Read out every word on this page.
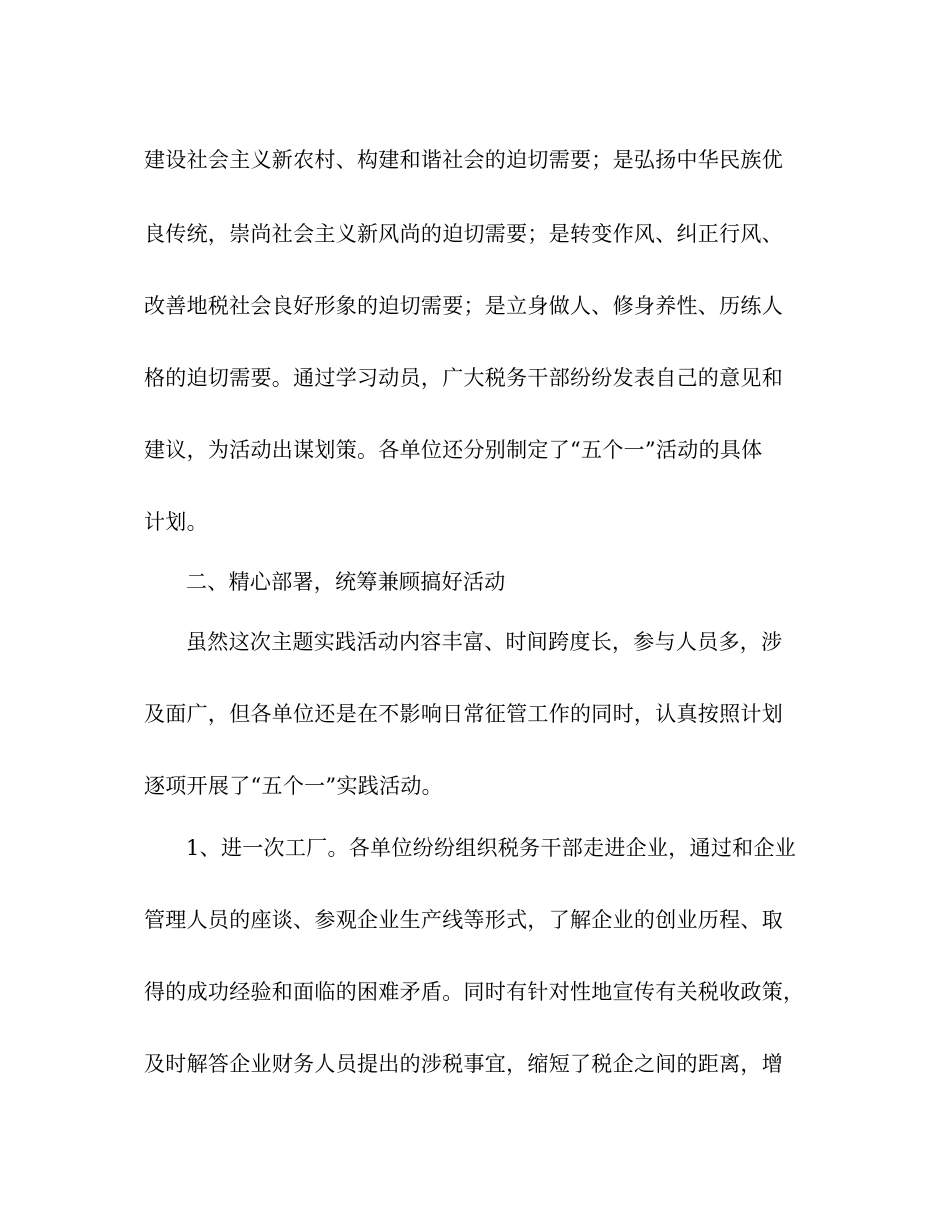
建设社会主义新农村、构建和谐社会的迫切需要；是弘扬中华民族优
良传统，崇尚社会主义新风尚的迫切需要；是转变作风、纠正行风、
改善地税社会良好形象的迫切需要；是立身做人、修身养性、历练人
格的迫切需要。通过学习动员，广大税务干部纷纷发表自己的意见和
建议，为活动出谋划策。各单位还分别制定了“五个一”活动的具体
计划。
二、精心部署，统筹兼顾搞好活动
虽然这次主题实践活动内容丰富、时间跨度长，参与人员多，涉
及面广，但各单位还是在不影响日常征管工作的同时，认真按照计划
逐项开展了“五个一”实践活动。
1、进一次工厂。各单位纷纷组织税务干部走进企业，通过和企业
管理人员的座谈、参观企业生产线等形式，了解企业的创业历程、取
得的成功经验和面临的困难矛盾。同时有针对性地宣传有关税收政策，
及时解答企业财务人员提出的涉税事宜，缩短了税企之间的距离，增
